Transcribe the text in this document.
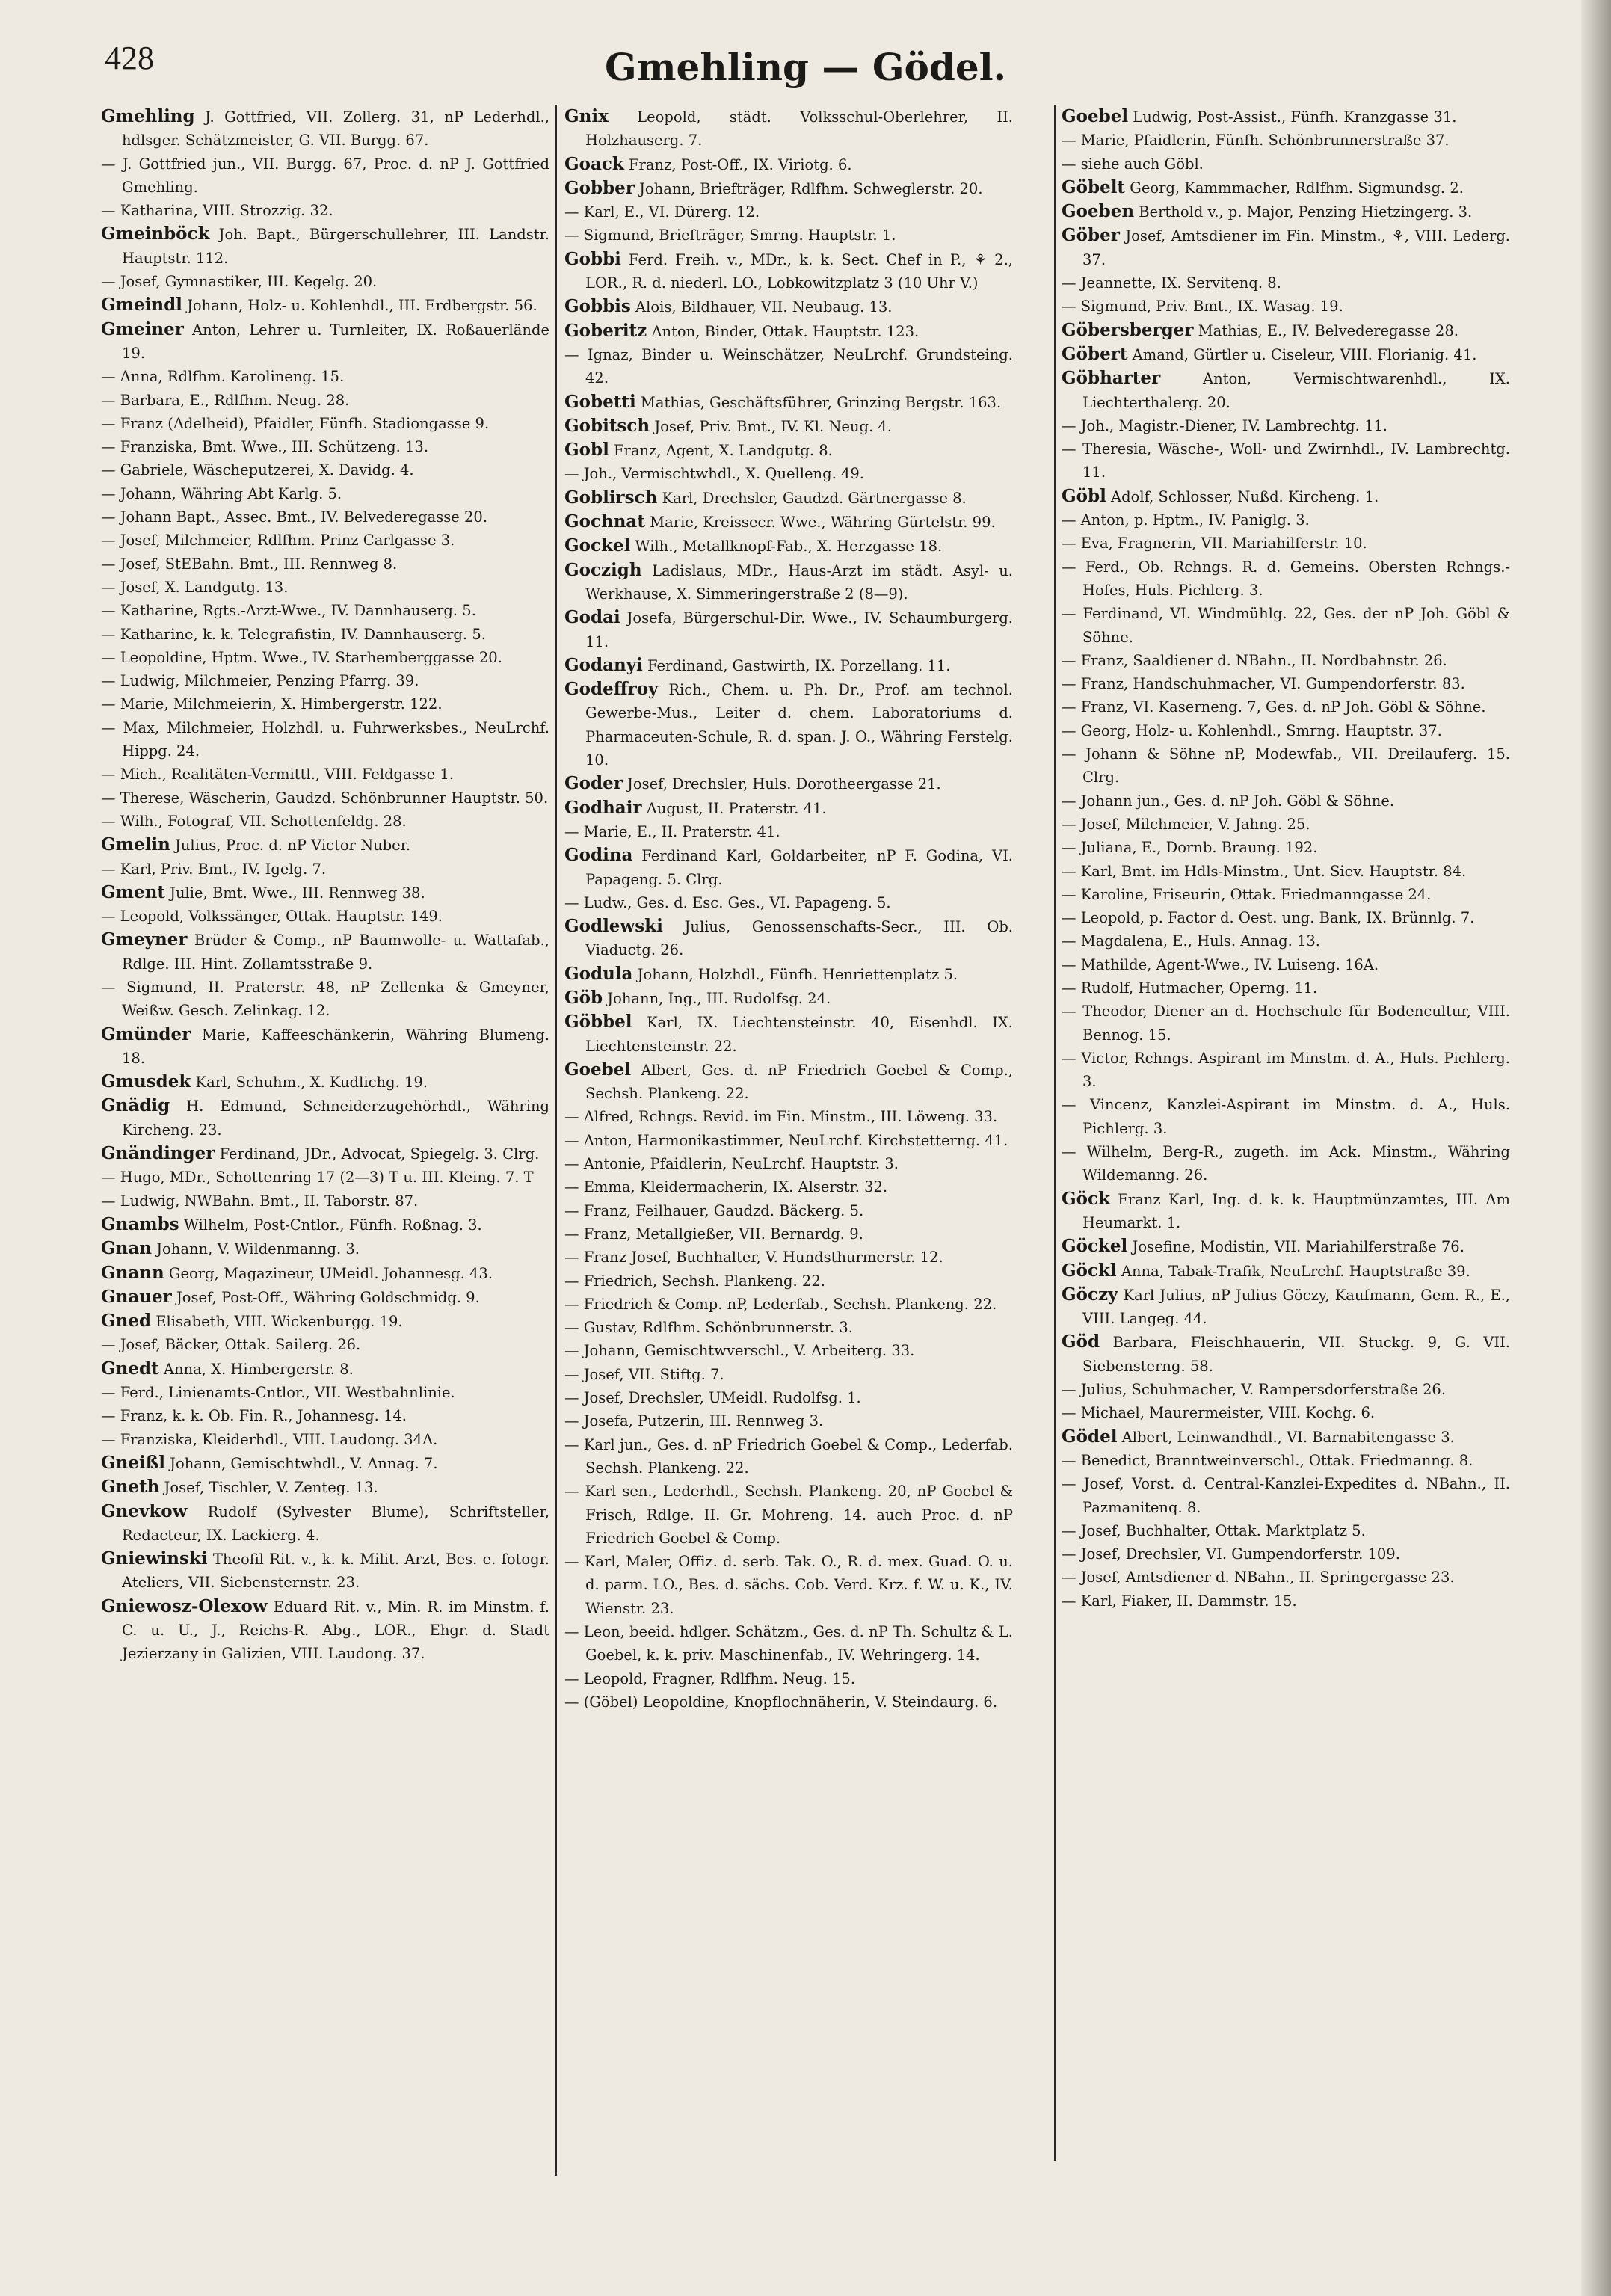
428	Gmehling — Gödel.

Gmehling J. Gottfried, VII. Zollerg. 31, nP Lederhdl., hdlsger. Schätzmeister, G. VII. Burgg. 67.

— J. Gottfried jun., VII. Burgg. 67, Proc. d. nP J. Gottfried Gmehling.

— Katharina, VIII. Strozzig. 32.

Gmeinböck Joh. Bapt., Bürgerschullehrer, III. Landstr. Hauptstr. 112.

— Josef, Gymnastiker, III. Kegelg. 20.

Gmeindl Johann, Holz- u. Kohlenhdl., III. Erdbergstr. 56.

Gmeiner Anton, Lehrer u. Turnleiter, IX. Roßauerlände 19.

— Anna, Rdlfhm. Karolineng. 15.

— Barbara, E., Rdlfhm. Neug. 28.

— Franz (Adelheid), Pfaidler, Fünfh. Stadiongasse 9.

— Franziska, Bmt. Wwe., III. Schützeng. 13.

— Gabriele, Wäscheputzerei, X. Davidg. 4.

— Johann, Währing Abt Karlg. 5.

— Johann Bapt., Assec. Bmt., IV. Belvederegasse 20.

— Josef, Milchmeier, Rdlfhm. Prinz Carlgasse 3.

— Josef, StEBahn. Bmt., III. Rennweg 8.

— Josef, X. Landgutg. 13.

— Katharine, Rgts.-Arzt-Wwe., IV. Dannhauserg. 5.

— Katharine, k. k. Telegrafistin, IV. Dannhauserg. 5.

— Leopoldine, Hptm. Wwe., IV. Starhemberggasse 20.

— Ludwig, Milchmeier, Penzing Pfarrg. 39.

— Marie, Milchmeierin, X. Himbergerstr. 122.

— Max, Milchmeier, Holzhdl. u. Fuhrwerksbes., NeuLrchf. Hippg. 24.

— Mich., Realitäten-Vermittl., VIII. Feldgasse 1.

— Therese, Wäscherin, Gaudzd. Schönbrunner Hauptstr. 50.

— Wilh., Fotograf, VII. Schottenfeldg. 28.

Gmelin Julius, Proc. d. nP Victor Nuber.

— Karl, Priv. Bmt., IV. Igelg. 7.

Gment Julie, Bmt. Wwe., III. Rennweg 38.

— Leopold, Volkssänger, Ottak. Hauptstr. 149.

Gmeyner Brüder & Comp., nP Baumwolle- u. Wattafab., Rdlge. III. Hint. Zollamtsstraße 9.

— Sigmund, II. Praterstr. 48, nP Zellenka & Gmeyner, Weißw. Gesch. Zelinkag. 12.

Gmünder Marie, Kaffeeschänkerin, Währing Blumeng. 18.

Gmusdek Karl, Schuhm., X. Kudlichg. 19.

Gnädig H. Edmund, Schneiderzugehörhdl., Währing Kircheng. 23.

Gnändinger Ferdinand, JDr., Advocat, Spiegelg. 3. Clrg.

— Hugo, MDr., Schottenring 17 (2—3) T u. III. Kleing. 7. T

— Ludwig, NWBahn. Bmt., II. Taborstr. 87.

Gnambs Wilhelm, Post-Cntlor., Fünfh. Roßnag. 3.

Gnan Johann, V. Wildenmanng. 3.

Gnann Georg, Magazineur, UMeidl. Johannesg. 43.

Gnauer Josef, Post-Off., Währing Goldschmidg. 9.

Gned Elisabeth, VIII. Wickenburgg. 19.

— Josef, Bäcker, Ottak. Sailerg. 26.

Gnedt Anna, X. Himbergerstr. 8.

— Ferd., Linienamts-Cntlor., VII. Westbahnlinie.

— Franz, k. k. Ob. Fin. R., Johannesg. 14.

— Franziska, Kleiderhdl., VIII. Laudong. 34A.

Gneißl Johann, Gemischtwhdl., V. Annag. 7.

Gneth Josef, Tischler, V. Zenteg. 13.

Gnevkow Rudolf (Sylvester Blume), Schriftsteller, Redacteur, IX. Lackierg. 4.

Gniewinski Theofil Rit. v., k. k. Milit. Arzt, Bes. e. fotogr. Ateliers, VII. Siebensternstr. 23.

Gniewosz-Olexow Eduard Rit. v., Min. R. im Minstm. f. C. u. U., J., Reichs-R. Abg., LOR., Ehgr. d. Stadt Jezierzany in Galizien, VIII. Laudong. 37.

Gnix Leopold, städt. Volksschul-Oberlehrer, II. Holzhauserg. 7.

Goack Franz, Post-Off., IX. Viriotg. 6.

Gobber Johann, Briefträger, Rdlfhm. Schweglerstr. 20.

— Karl, E., VI. Dürerg. 12.

— Sigmund, Briefträger, Smrng. Hauptstr. 1.

Gobbi Ferd. Freih. v., MDr., k. k. Sect. Chef in P., ⚘ 2., LOR., R. d. niederl. LO., Lobkowitzplatz 3 (10 Uhr V.)

Gobbis Alois, Bildhauer, VII. Neubaug. 13.

Goberitz Anton, Binder, Ottak. Hauptstr. 123.

— Ignaz, Binder u. Weinschätzer, NeuLrchf. Grundsteing. 42.

Gobetti Mathias, Geschäftsführer, Grinzing Bergstr. 163.

Gobitsch Josef, Priv. Bmt., IV. Kl. Neug. 4.

Gobl Franz, Agent, X. Landgutg. 8.

— Joh., Vermischtwhdl., X. Quelleng. 49.

Goblirsch Karl, Drechsler, Gaudzd. Gärtnergasse 8.

Gochnat Marie, Kreissecr. Wwe., Währing Gürtelstr. 99.

Gockel Wilh., Metallknopf-Fab., X. Herzgasse 18.

Goczigh Ladislaus, MDr., Haus-Arzt im städt. Asyl- u. Werkhause, X. Simmeringerstraße 2 (8—9).

Godai Josefa, Bürgerschul-Dir. Wwe., IV. Schaumburgerg. 11.

Godanyi Ferdinand, Gastwirth, IX. Porzellang. 11.

Godeffroy Rich., Chem. u. Ph. Dr., Prof. am technol. Gewerbe-Mus., Leiter d. chem. Laboratoriums d. Pharmaceuten-Schule, R. d. span. J. O., Währing Ferstelg. 10.

Goder Josef, Drechsler, Huls. Dorotheergasse 21.

Godhair August, II. Praterstr. 41.

— Marie, E., II. Praterstr. 41.

Godina Ferdinand Karl, Goldarbeiter, nP F. Godina, VI. Papageng. 5. Clrg.

— Ludw., Ges. d. Esc. Ges., VI. Papageng. 5.

Godlewski Julius, Genossenschafts-Secr., III. Ob. Viaductg. 26.

Godula Johann, Holzhdl., Fünfh. Henriettenplatz 5.

Göb Johann, Ing., III. Rudolfsg. 24.

Göbbel Karl, IX. Liechtensteinstr. 40, Eisenhdl. IX. Liechtensteinstr. 22.

Goebel Albert, Ges. d. nP Friedrich Goebel & Comp., Sechsh. Plankeng. 22.

— Alfred, Rchngs. Revid. im Fin. Minstm., III. Löweng. 33.

— Anton, Harmonikastimmer, NeuLrchf. Kirchstetterng. 41.

— Antonie, Pfaidlerin, NeuLrchf. Hauptstr. 3.

— Emma, Kleidermacherin, IX. Alserstr. 32.

— Franz, Feilhauer, Gaudzd. Bäckerg. 5.

— Franz, Metallgießer, VII. Bernardg. 9.

— Franz Josef, Buchhalter, V. Hundsthurmerstr. 12.

— Friedrich, Sechsh. Plankeng. 22.

— Friedrich & Comp. nP, Lederfab., Sechsh. Plankeng. 22.

— Gustav, Rdlfhm. Schönbrunnerstr. 3.

— Johann, Gemischtwverschl., V. Arbeiterg. 33.

— Josef, VII. Stiftg. 7.

— Josef, Drechsler, UMeidl. Rudolfsg. 1.

— Josefa, Putzerin, III. Rennweg 3.

— Karl jun., Ges. d. nP Friedrich Goebel & Comp., Lederfab. Sechsh. Plankeng. 22.

— Karl sen., Lederhdl., Sechsh. Plankeng. 20, nP Goebel & Frisch, Rdlge. II. Gr. Mohreng. 14. auch Proc. d. nP Friedrich Goebel & Comp.

— Karl, Maler, Offiz. d. serb. Tak. O., R. d. mex. Guad. O. u. d. parm. LO., Bes. d. sächs. Cob. Verd. Krz. f. W. u. K., IV. Wienstr. 23.

— Leon, beeid. hdlger. Schätzm., Ges. d. nP Th. Schultz & L. Goebel, k. k. priv. Maschinenfab., IV. Wehringerg. 14.

— Leopold, Fragner, Rdlfhm. Neug. 15.

— (Göbel) Leopoldine, Knopflochnäherin, V. Steindaurg. 6.

Goebel Ludwig, Post-Assist., Fünfh. Kranzgasse 31.

— Marie, Pfaidlerin, Fünfh. Schönbrunnerstraße 37.

— siehe auch Göbl.

Göbelt Georg, Kammmacher, Rdlfhm. Sigmundsg. 2.

Goeben Berthold v., p. Major, Penzing Hietzingerg. 3.

Göber Josef, Amtsdiener im Fin. Minstm., ⚘, VIII. Lederg. 37.

— Jeannette, IX. Servitenq. 8.

— Sigmund, Priv. Bmt., IX. Wasag. 19.

Göbersberger Mathias, E., IV. Belvederegasse 28.

Göbert Amand, Gürtler u. Ciseleur, VIII. Florianig. 41.

Göbharter	Anton, Vermischtwarenhdl., IX. Liechterthalerg. 20.

— Joh., Magistr.-Diener, IV. Lambrechtg. 11.

— Theresia, Wäsche-, Woll- und Zwirnhdl., IV. Lambrechtg. 11.

Göbl Adolf, Schlosser, Nußd. Kircheng. 1.

— Anton, p. Hptm., IV. Paniglg. 3.

— Eva, Fragnerin, VII. Mariahilferstr. 10.

— Ferd., Ob. Rchngs. R. d. Gemeins. Obersten Rchngs.-Hofes, Huls. Pichlerg. 3.

— Ferdinand, VI. Windmühlg. 22, Ges. der nP Joh. Göbl & Söhne.

— Franz, Saaldiener d. NBahn., II. Nordbahnstr. 26.

— Franz, Handschuhmacher, VI. Gumpendorferstr. 83.

— Franz, VI. Kaserneng. 7, Ges. d. nP Joh. Göbl & Söhne.

— Georg, Holz- u. Kohlenhdl., Smrng. Hauptstr. 37.

— Johann & Söhne nP, Modewfab., VII. Dreilauferg. 15. Clrg.

— Johann jun., Ges. d. nP Joh. Göbl & Söhne.

— Josef, Milchmeier, V. Jahng. 25.

— Juliana, E., Dornb. Braung. 192.

— Karl, Bmt. im Hdls-Minstm., Unt. Siev. Hauptstr. 84.

— Karoline, Friseurin, Ottak. Friedmanngasse 24.

— Leopold, p. Factor d. Oest. ung. Bank, IX. Brünnlg. 7.

— Magdalena, E., Huls. Annag. 13.

— Mathilde, Agent-Wwe., IV. Luiseng. 16A.

— Rudolf, Hutmacher, Operng. 11.

— Theodor, Diener an d. Hochschule für Bodencultur, VIII. Bennog. 15.

— Victor, Rchngs. Aspirant im Minstm. d. A., Huls. Pichlerg. 3.

— Vincenz, Kanzlei-Aspirant im Minstm. d. A., Huls. Pichlerg. 3.

— Wilhelm, Berg-R., zugeth. im Ack. Minstm., Währing Wildemanng. 26.

Göck Franz Karl, Ing. d. k. k. Hauptmünzamtes, III. Am Heumarkt. 1.

Göckel Josefine, Modistin, VII. Mariahilferstraße 76.

Göckl Anna, Tabak-Trafik, NeuLrchf. Hauptstraße 39.

Göczy Karl Julius, nP Julius Göczy, Kaufmann, Gem. R., E., VIII. Langeg. 44.

Göd Barbara, Fleischhauerin, VII. Stuckg. 9, G. VII. Siebensterng. 58.

— Julius, Schuhmacher, V. Rampersdorferstraße 26.

— Michael, Maurermeister, VIII. Kochg. 6.

Gödel Albert, Leinwandhdl., VI. Barnabitengasse 3.

— Benedict, Branntweinverschl., Ottak. Friedmanng. 8.

— Josef, Vorst. d. Central-Kanzlei-Expedites d. NBahn., II. Pazmanitenq. 8.

— Josef, Buchhalter, Ottak. Marktplatz 5.

— Josef, Drechsler, VI. Gumpendorferstr. 109.

— Josef, Amtsdiener d. NBahn., II. Springergasse 23.

— Karl, Fiaker, II. Dammstr. 15.
